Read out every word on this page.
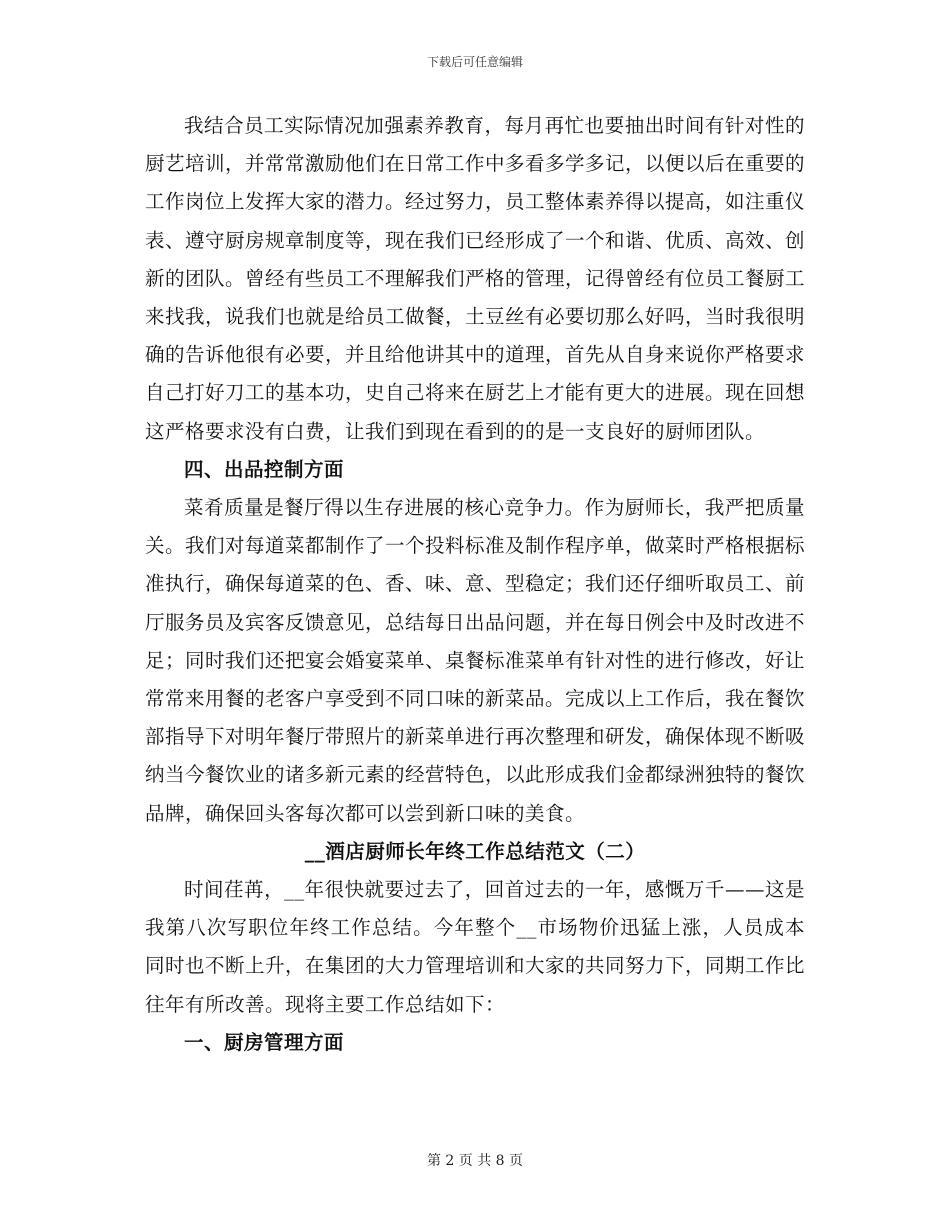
下载后可任意编辑

我结合员工实际情况加强素养教育，每月再忙也要抽出时间有针对性的厨艺培训，并常常激励他们在日常工作中多看多学多记，以便以后在重要的工作岗位上发挥大家的潜力。经过努力，员工整体素养得以提高，如注重仪表、遵守厨房规章制度等，现在我们已经形成了一个和谐、优质、高效、创新的团队。曾经有些员工不理解我们严格的管理，记得曾经有位员工餐厨工来找我，说我们也就是给员工做餐，土豆丝有必要切那么好吗，当时我很明确的告诉他很有必要，并且给他讲其中的道理，首先从自身来说你严格要求自己打好刀工的基本功，史自己将来在厨艺上才能有更大的进展。现在回想这严格要求没有白费，让我们到现在看到的的是一支良好的厨师团队。

四、出品控制方面

菜肴质量是餐厅得以生存进展的核心竞争力。作为厨师长，我严把质量关。我们对每道菜都制作了一个投料标准及制作程序单，做菜时严格根据标准执行，确保每道菜的色、香、味、意、型稳定；我们还仔细听取员工、前厅服务员及宾客反馈意见，总结每日出品问题，并在每日例会中及时改进不足；同时我们还把宴会婚宴菜单、桌餐标准菜单有针对性的进行修改，好让常常来用餐的老客户享受到不同口味的新菜品。完成以上工作后，我在餐饮部指导下对明年餐厅带照片的新菜单进行再次整理和研发，确保体现不断吸纳当今餐饮业的诸多新元素的经营特色，以此形成我们金都绿洲独特的餐饮品牌，确保回头客每次都可以尝到新口味的美食。

__酒店厨师长年终工作总结范文（二）

时间荏苒，__年很快就要过去了，回首过去的一年，感慨万千——这是我第八次写职位年终工作总结。今年整个__市场物价迅猛上涨，人员成本同时也不断上升，在集团的大力管理培训和大家的共同努力下，同期工作比往年有所改善。现将主要工作总结如下：

一、厨房管理方面

第 2 页 共 8 页
